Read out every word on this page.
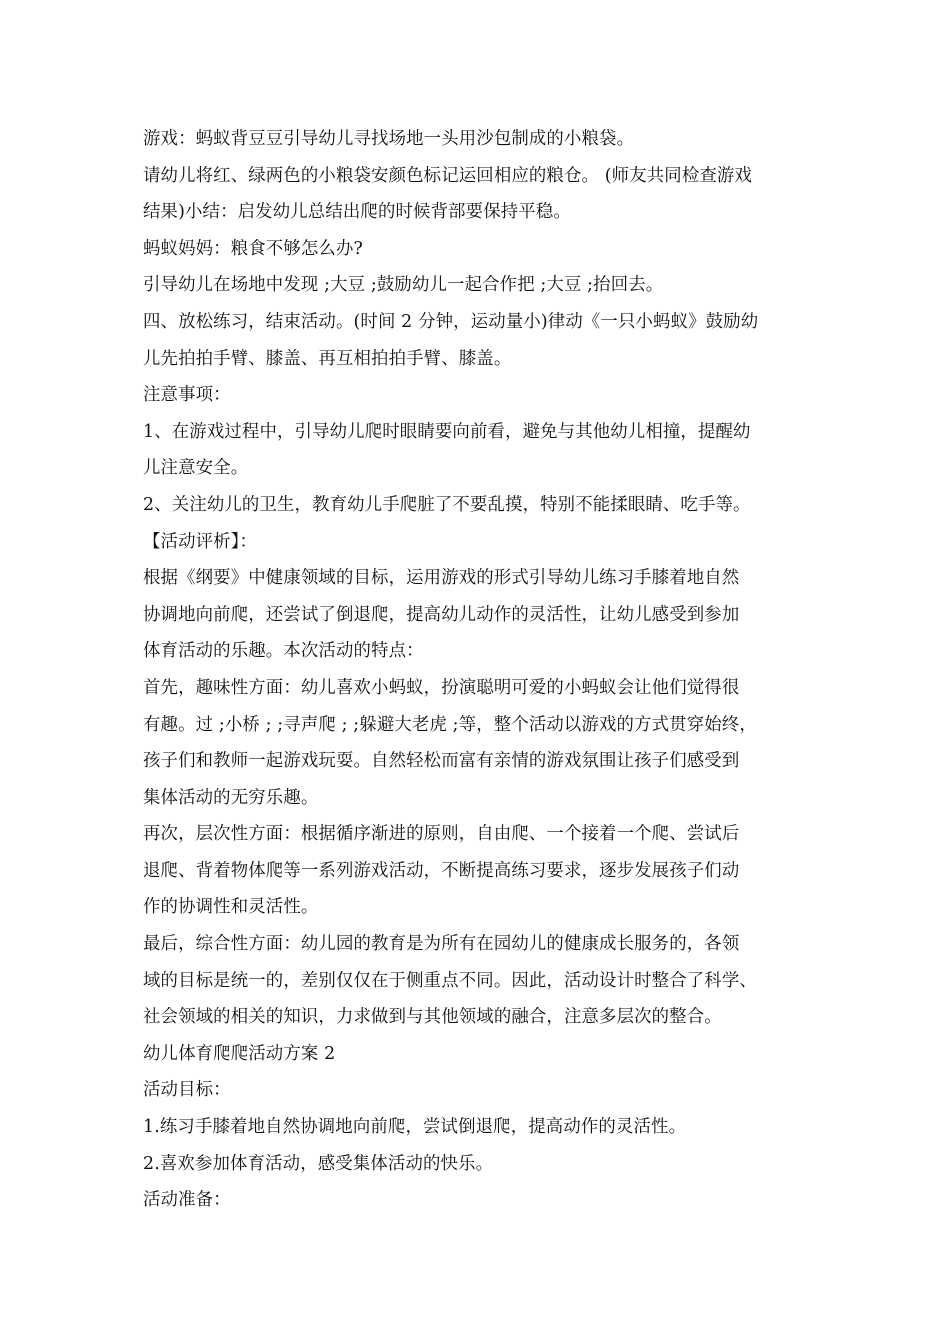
游戏：蚂蚁背豆豆引导幼儿寻找场地一头用沙包制成的小粮袋。
请幼儿将红、绿两色的小粮袋安颜色标记运回相应的粮仓。 (师友共同检查游戏
结果)小结：启发幼儿总结出爬的时候背部要保持平稳。
蚂蚁妈妈：粮食不够怎么办?
引导幼儿在场地中发现 ;大豆 ;鼓励幼儿一起合作把 ;大豆 ;抬回去。
四、放松练习，结束活动。(时间 2 分钟，运动量小)律动《一只小蚂蚁》鼓励幼
儿先拍拍手臂、膝盖、再互相拍拍手臂、膝盖。
注意事项：
1、在游戏过程中，引导幼儿爬时眼睛要向前看，避免与其他幼儿相撞，提醒幼
儿注意安全。
2、关注幼儿的卫生，教育幼儿手爬脏了不要乱摸，特别不能揉眼睛、吃手等。
【活动评析】：
根据《纲要》中健康领域的目标，运用游戏的形式引导幼儿练习手膝着地自然
协调地向前爬，还尝试了倒退爬，提高幼儿动作的灵活性，让幼儿感受到参加
体育活动的乐趣。本次活动的特点：
首先，趣味性方面：幼儿喜欢小蚂蚁，扮演聪明可爱的小蚂蚁会让他们觉得很
有趣。过 ;小桥 ; ;寻声爬 ; ;躲避大老虎 ;等，整个活动以游戏的方式贯穿始终，
孩子们和教师一起游戏玩耍。自然轻松而富有亲情的游戏氛围让孩子们感受到
集体活动的无穷乐趣。
再次，层次性方面：根据循序渐进的原则，自由爬、一个接着一个爬、尝试后
退爬、背着物体爬等一系列游戏活动，不断提高练习要求，逐步发展孩子们动
作的协调性和灵活性。
最后，综合性方面：幼儿园的教育是为所有在园幼儿的健康成长服务的，各领
域的目标是统一的，差别仅仅在于侧重点不同。因此，活动设计时整合了科学、
社会领域的相关的知识，力求做到与其他领域的融合，注意多层次的整合。
幼儿体育爬爬活动方案 2
活动目标：
1.练习手膝着地自然协调地向前爬，尝试倒退爬，提高动作的灵活性。
2.喜欢参加体育活动，感受集体活动的快乐。
活动准备：
